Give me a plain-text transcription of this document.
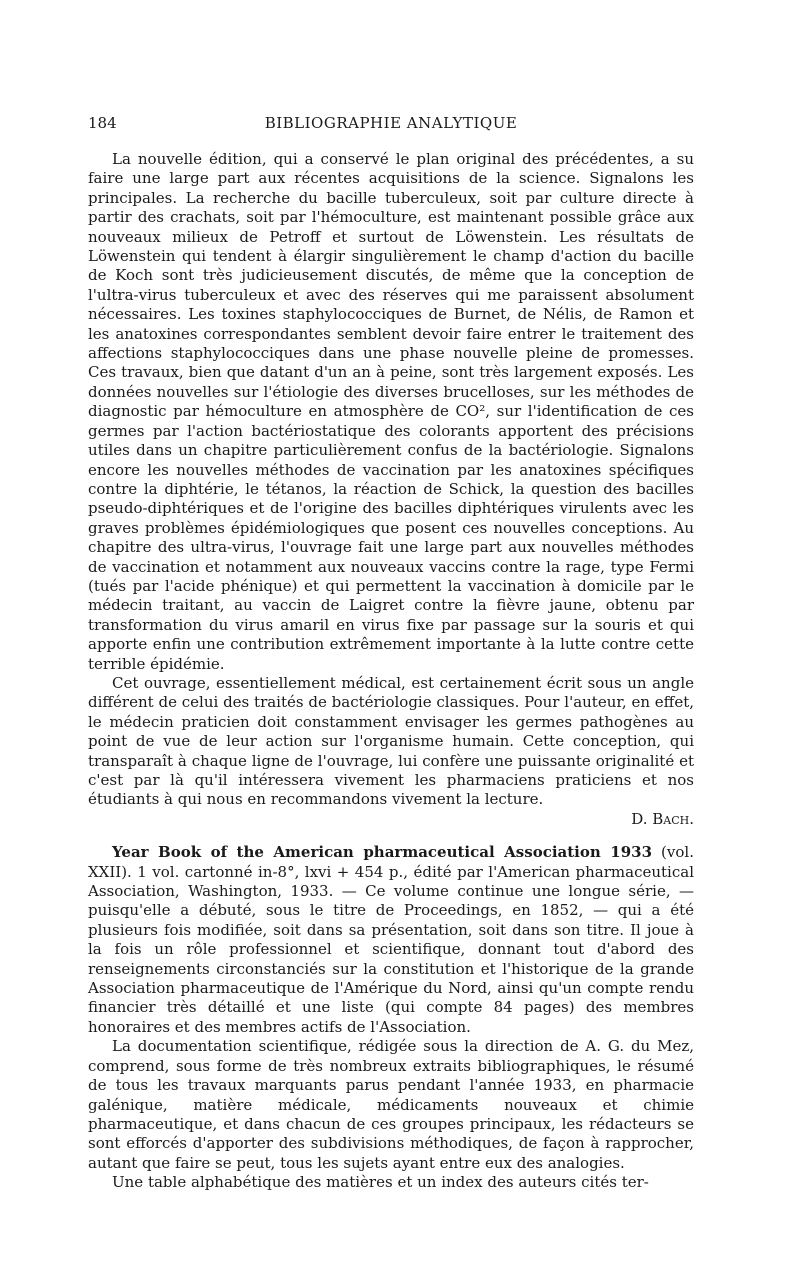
184	BIBLIOGRAPHIE ANALYTIQUE

La nouvelle édition, qui a conservé le plan original des précédentes, a su faire une large part aux récentes acquisitions de la science. Signalons les principales. La recherche du bacille tuberculeux, soit par culture directe à partir des crachats, soit par l'hémoculture, est maintenant possible grâce aux nouveaux milieux de Petroff et surtout de Löwenstein. Les résultats de Löwenstein qui tendent à élargir singulièrement le champ d'action du bacille de Koch sont très judicieusement discutés, de même que la conception de l'ultra-virus tuberculeux et avec des réserves qui me paraissent absolument nécessaires. Les toxines staphylococciques de Burnet, de Nélis, de Ramon et les anatoxines correspondantes semblent devoir faire entrer le traitement des affections staphylococciques dans une phase nouvelle pleine de promesses. Ces travaux, bien que datant d'un an à peine, sont très largement exposés. Les données nouvelles sur l'étiologie des diverses brucelloses, sur les méthodes de diagnostic par hémoculture en atmosphère de CO², sur l'identification de ces germes par l'action bactériostatique des colorants apportent des précisions utiles dans un chapitre particulièrement confus de la bactériologie. Signalons encore les nouvelles méthodes de vaccination par les anatoxines spécifiques contre la diphtérie, le tétanos, la réaction de Schick, la question des bacilles pseudo-diphtériques et de l'origine des bacilles diphtériques virulents avec les graves problèmes épidémiologiques que posent ces nouvelles conceptions. Au chapitre des ultra-virus, l'ouvrage fait une large part aux nouvelles méthodes de vaccination et notamment aux nouveaux vaccins contre la rage, type Fermi (tués par l'acide phénique) et qui permettent la vaccination à domicile par le médecin traitant, au vaccin de Laigret contre la fièvre jaune, obtenu par transformation du virus amaril en virus fixe par passage sur la souris et qui apporte enfin une contribution extrêmement importante à la lutte contre cette terrible épidémie.

Cet ouvrage, essentiellement médical, est certainement écrit sous un angle différent de celui des traités de bactériologie classiques. Pour l'auteur, en effet, le médecin praticien doit constamment envisager les germes pathogènes au point de vue de leur action sur l'organisme humain. Cette conception, qui transparaît à chaque ligne de l'ouvrage, lui confère une puissante originalité et c'est par là qu'il intéressera vivement les pharmaciens praticiens et nos étudiants à qui nous en recommandons vivement la lecture.

D. Bach.

Year Book of the American pharmaceutical Association 1933 (vol. XXII). 1 vol. cartonné in-8°, lxvi + 454 p., édité par l'American pharmaceutical Association, Washington, 1933. — Ce volume continue une longue série, — puisqu'elle a débuté, sous le titre de Proceedings, en 1852, — qui a été plusieurs fois modifiée, soit dans sa présentation, soit dans son titre. Il joue à la fois un rôle professionnel et scientifique, donnant tout d'abord des renseignements circonstanciés sur la constitution et l'historique de la grande Association pharmaceutique de l'Amérique du Nord, ainsi qu'un compte rendu financier très détaillé et une liste (qui compte 84 pages) des membres honoraires et des membres actifs de l'Association.

La documentation scientifique, rédigée sous la direction de A. G. du Mez, comprend, sous forme de très nombreux extraits bibliographiques, le résumé de tous les travaux marquants parus pendant l'année 1933, en pharmacie galénique, matière médicale, médicaments nouveaux et chimie pharmaceutique, et dans chacun de ces groupes principaux, les rédacteurs se sont efforcés d'apporter des subdivisions méthodiques, de façon à rapprocher, autant que faire se peut, tous les sujets ayant entre eux des analogies.

Une table alphabétique des matières et un index des auteurs cités ter-
